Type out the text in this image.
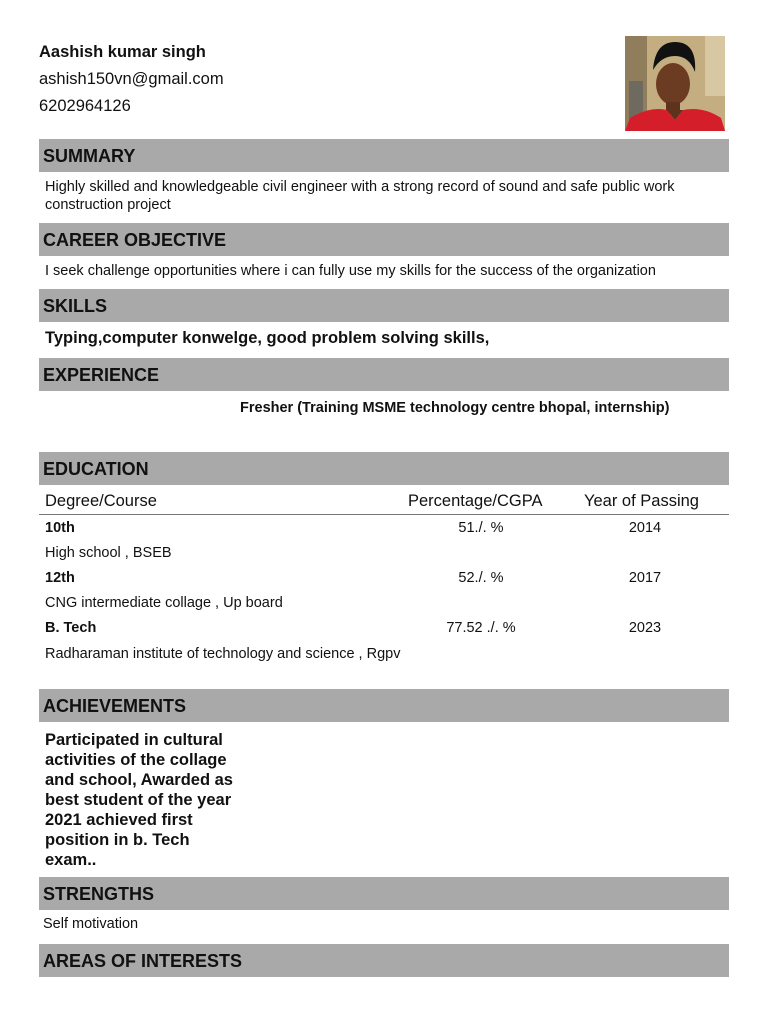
Aashish kumar singh
ashish150vn@gmail.com
6202964126
SUMMARY
Highly skilled and knowledgeable civil engineer with a strong record of sound and safe public work construction project
CAREER OBJECTIVE
I seek challenge opportunities where i can fully use my skills for the success of the organization
SKILLS
Typing,computer konwelge, good problem solving skills,
EXPERIENCE
Fresher (Training MSME technology centre bhopal, internship)
EDUCATION
Degree/Course	Percentage/CGPA	Year of Passing
10th	51./. %	2014
High school , BSEB
12th	52./. %	2017
CNG intermediate collage , Up board
B. Tech	77.52 ./. %	2023
Radharaman institute of technology and science , Rgpv
ACHIEVEMENTS
Participated in cultural activities of the collage and school, Awarded as best student of the year 2021 achieved first position in b. Tech exam..
STRENGTHS
Self motivation
AREAS OF INTERESTS
